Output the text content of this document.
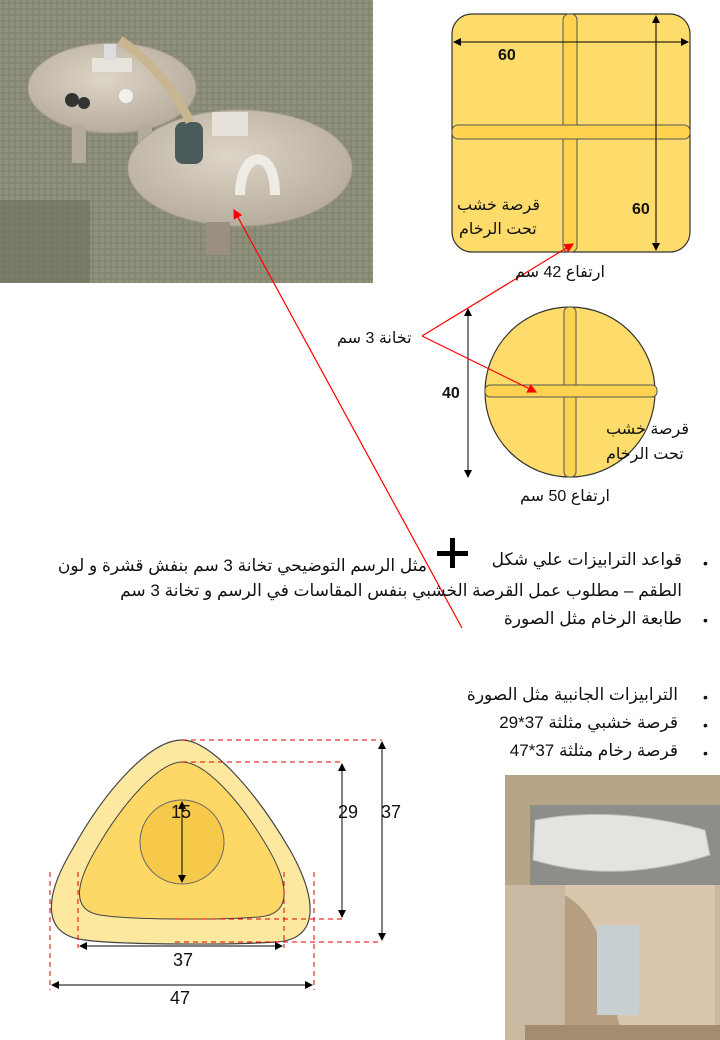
60
60
قرصة خشب
تحت الرخام
ارتفاع 42 سم
تخانة 3 سم
40
قرصة خشب
تحت الرخام
ارتفاع 50 سم
•
قواعد الترابيزات علي شكل
مثل الرسم التوضيحي تخانة 3 سم بنفش قشرة و لون
الطقم – مطلوب عمل القرصة الخشبي بنفس المقاسات في الرسم و تخانة 3 سم
•
طابعة الرخام مثل الصورة
•
الترابيزات الجانبية مثل الصورة
•
قرصة خشبي مثلثة 37*29
•
قرصة رخام مثلثة 37*47
15	29 37
37
47
